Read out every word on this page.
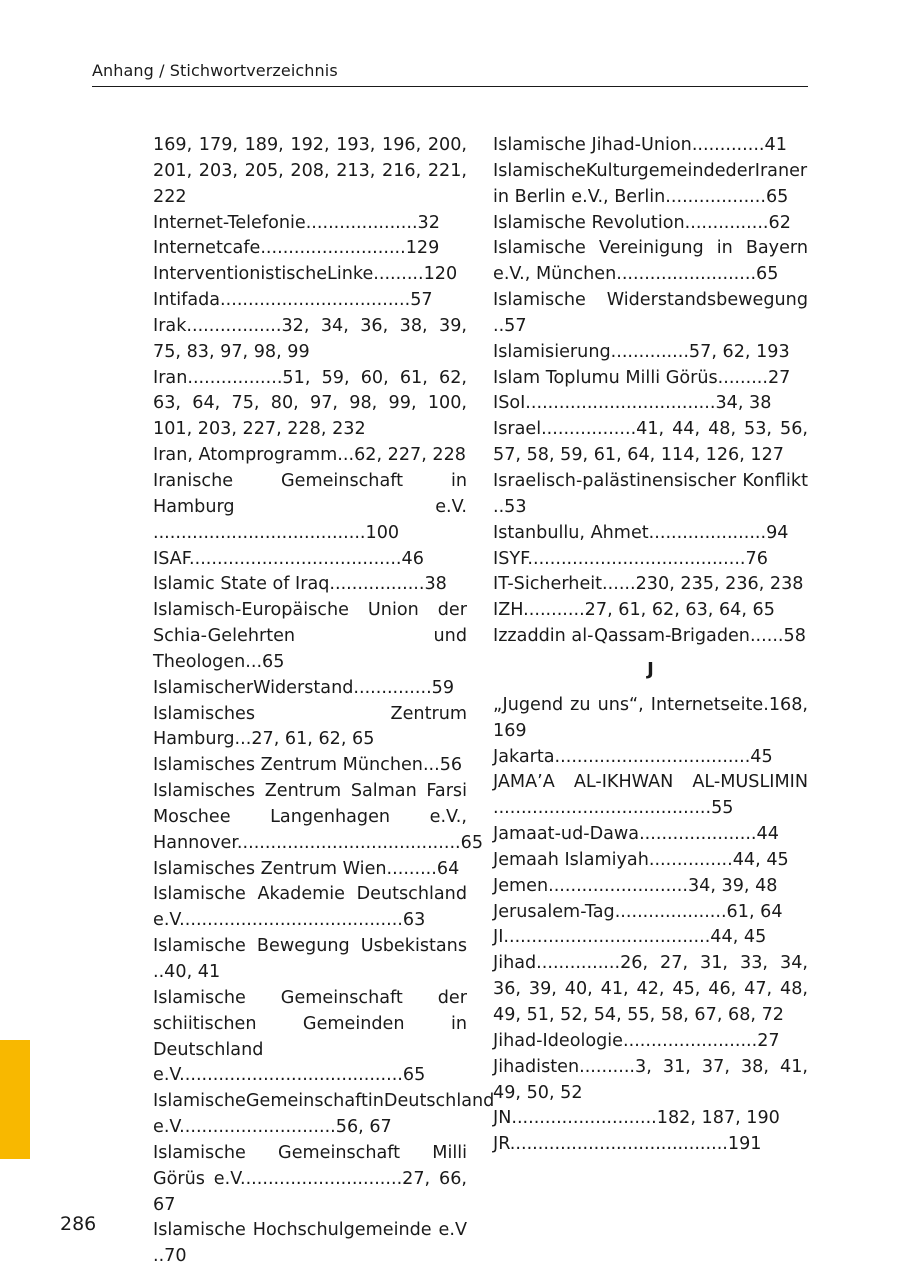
Anhang / Stichwortverzeichnis

169, 179, 189, 192, 193, 196, 200, 201, 203, 205, 208, 213, 216, 221, 222

Internet-Telefonie....................32

Internetcafe..........................129

InterventionistischeLinke.........120

Intifada..................................57

Irak.................32, 34, 36, 38, 39, 75, 83, 97, 98, 99

Iran.................51, 59, 60, 61, 62, 63, 64, 75, 80, 97, 98, 99, 100, 101, 203, 227, 228, 232

Iran, Atomprogramm...62, 227, 228

Iranische Gemeinschaft in Hamburg e.V. ......................................100

ISAF......................................46

Islamic State of Iraq.................38

Islamisch-Europäische Union der Schia-Gelehrten und Theologen...65

IslamischerWiderstand..............59

Islamisches Zentrum Hamburg...27, 61, 62, 65

Islamisches Zentrum München...56

Islamisches Zentrum Salman Farsi Moschee Langenhagen e.V., Hannover........................................65

Islamisches Zentrum Wien.........64

Islamische Akademie Deutschland e.V........................................63

Islamische Bewegung Usbekistans ..40, 41

Islamische Gemeinschaft der schiitischen Gemeinden in Deutschland e.V........................................65

IslamischeGemeinschaftinDeutschland e.V............................56, 67

Islamische Gemeinschaft Milli Görüs e.V.............................27, 66, 67

Islamische Hochschulgemeinde e.V ..70

Islamische Jihad-Union.............41

IslamischeKulturgemeindederIraner in Berlin e.V., Berlin..................65

Islamische Revolution...............62

Islamische Vereinigung in Bayern e.V., München.........................65

Islamische Widerstandsbewegung ..57

Islamisierung..............57, 62, 193

Islam Toplumu Milli Görüs.........27

ISoI..................................34, 38

Israel.................41, 44, 48, 53, 56, 57, 58, 59, 61, 64, 114, 126, 127

Israelisch-palästinensischer Konflikt ..53

Istanbullu, Ahmet.....................94

ISYF.......................................76

IT-Sicherheit......230, 235, 236, 238

IZH...........27, 61, 62, 63, 64, 65

Izzaddin al-Qassam-Brigaden......58

J

„Jugend zu uns“, Internetseite.168, 169

Jakarta...................................45

JAMA’A AL-IKHWAN AL-MUSLIMIN .......................................55

Jamaat-ud-Dawa.....................44

Jemaah Islamiyah...............44, 45

Jemen.........................34, 39, 48

Jerusalem-Tag....................61, 64

JI.....................................44, 45

Jihad...............26, 27, 31, 33, 34, 36, 39, 40, 41, 42, 45, 46, 47, 48, 49, 51, 52, 54, 55, 58, 67, 68, 72

Jihad-Ideologie........................27

Jihadisten..........3, 31, 37, 38, 41, 49, 50, 52

JN..........................182, 187, 190

JR.......................................191

286
